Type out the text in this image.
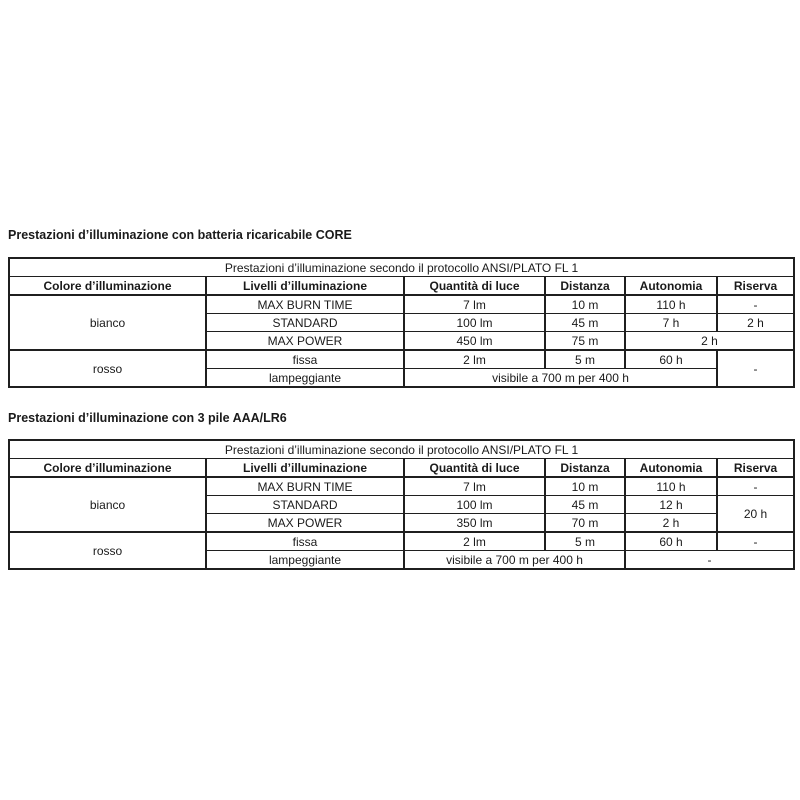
Prestazioni d’illuminazione con batteria ricaricabile CORE
Prestazioni d’illuminazione secondo il protocollo ANSI/PLATO FL 1					
Colore d’illuminazione	Livelli d’illuminazione	Quantità di luce	Distanza	Autonomia	Riserva
bianco	MAX BURN TIME	7 lm	10 m	110 h	-
	STANDARD	100 lm	45 m	7 h	2 h
	MAX POWER	450 lm	75 m	2 h	
rosso	fissa	2 lm	5 m	60 h	-
	lampeggiante	visibile a 700 m per 400 h			
Prestazioni d’illuminazione con 3 pile AAA/LR6
Prestazioni d’illuminazione secondo il protocollo ANSI/PLATO FL 1					
Colore d’illuminazione	Livelli d’illuminazione	Quantità di luce	Distanza	Autonomia	Riserva
bianco	MAX BURN TIME	7 lm	10 m	110 h	-
	STANDARD	100 lm	45 m	12 h	20 h
	MAX POWER	350 lm	70 m	2 h	
rosso	fissa	2 lm	5 m	60 h	-
	lampeggiante	visibile a 700 m per 400 h		-	
